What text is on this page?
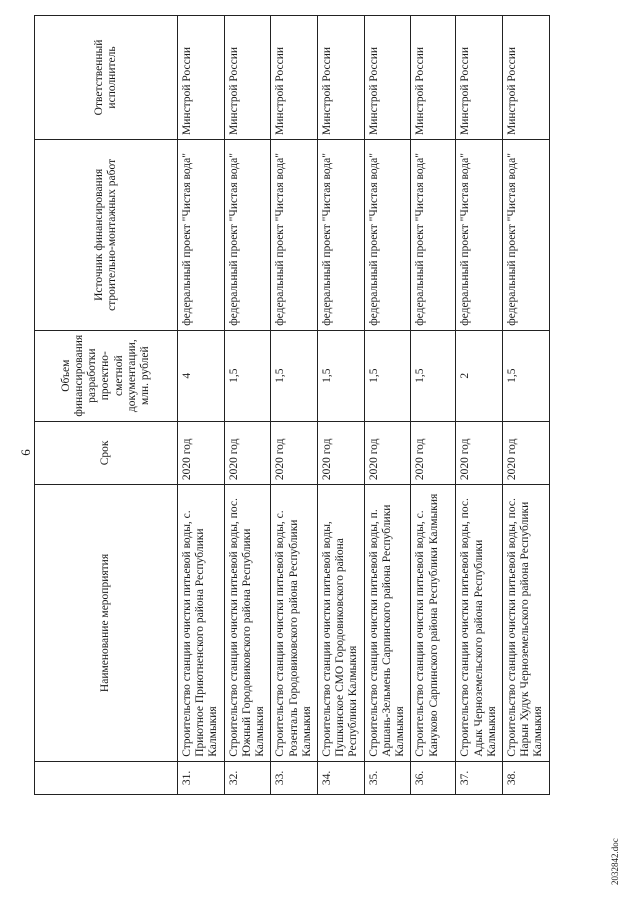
6
	Наименование мероприятия	Срок	Объем финансирования разработки проектно-сметной документации, млн. рублей	Источник финансирования строительно-монтажных работ	Ответственный исполнитель
31.	Строительство станции очистки питьевой воды, с. Приютное Приютненского района Республики Калмыкия	2020 год	4	федеральный проект "Чистая вода"	Минстрой России
32.	Строительство станции очистки питьевой воды, пос. Южный Городовиковского района Республики Калмыкия	2020 год	1,5	федеральный проект "Чистая вода"	Минстрой России
33.	Строительство станции очистки питьевой воды, с. Розенталь Городовиковского района Республики Калмыкия	2020 год	1,5	федеральный проект "Чистая вода"	Минстрой России
34.	Строительство станции очистки питьевой воды, Пушкинское СМО Городовиковского района Республики Калмыкия	2020 год	1,5	федеральный проект "Чистая вода"	Минстрой России
35.	Строительство станции очистки питьевой воды, п. Аршань-Зельмень Сарпинского района Республики Калмыкия	2020 год	1,5	федеральный проект "Чистая вода"	Минстрой России
36.	Строительство станции очистки питьевой воды, с. Кануково Сарпинского района Республики Калмыкия	2020 год	1,5	федеральный проект "Чистая вода"	Минстрой России
37.	Строительство станции очистки питьевой воды, пос. Адык Черноземельского района Республики Калмыкия	2020 год	2	федеральный проект "Чистая вода"	Минстрой России
38.	Строительство станции очистки питьевой воды, пос. Нарын Худук Черноземельского района Республики Калмыкия	2020 год	1,5	федеральный проект "Чистая вода"	Минстрой России
2032842.doc
